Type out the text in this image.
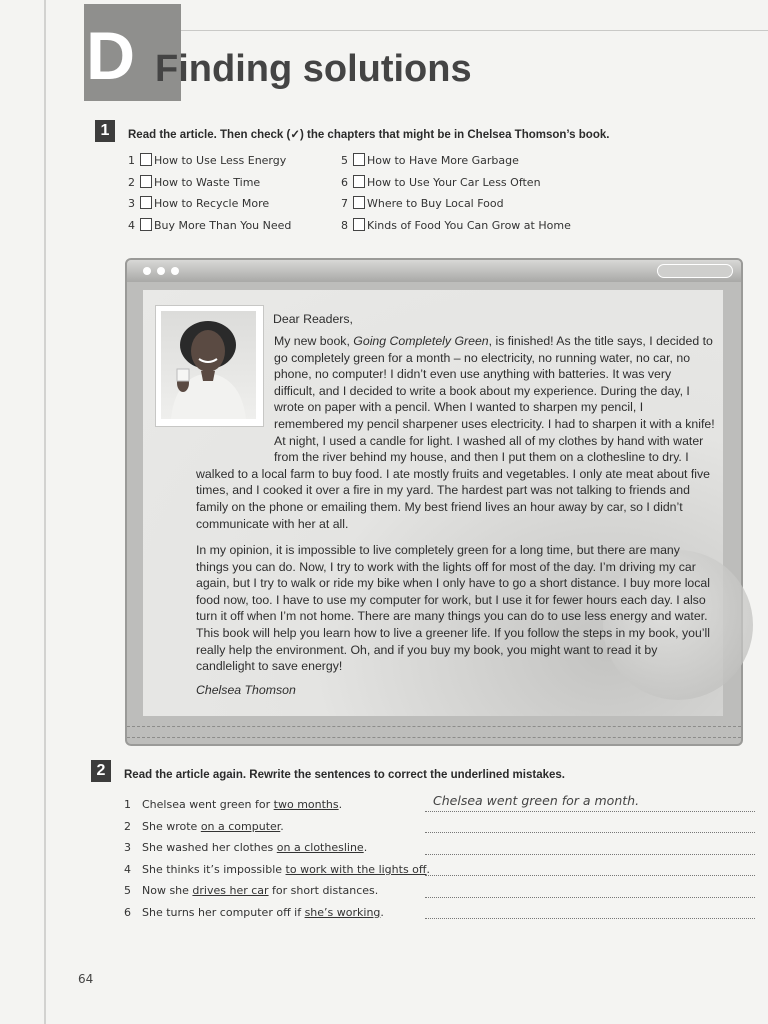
D Finding solutions
1	Read the article. Then check (✓) the chapters that might be in Chelsea Thomson’s book.
1 How to Use Less Energy
2 How to Waste Time
3 How to Recycle More
4 Buy More Than You Need
5 How to Have More Garbage
6 How to Use Your Car Less Often
7 Where to Buy Local Food
8 Kinds of Food You Can Grow at Home
Dear Readers,
My new book, Going Completely Green, is finished! As the title says, I decided to go completely green for a month – no electricity, no running water, no car, no phone, no computer! I didn’t even use anything with batteries. It was very difficult, and I decided to write a book about my experience. During the day, I wrote on paper with a pencil. When I wanted to sharpen my pencil, I remembered my pencil sharpener uses electricity. I had to sharpen it with a knife! At night, I used a candle for light. I washed all of my clothes by hand with water from the river behind my house, and then I put them on a clothesline to dry. I walked to a local farm to buy food. I ate mostly fruits and vegetables. I only ate meat about five times, and I cooked it over a fire in my yard. The hardest part was not talking to friends and family on the phone or emailing them. My best friend lives an hour away by car, so I didn’t communicate with her at all.
In my opinion, it is impossible to live completely green for a long time, but there are many things you can do. Now, I try to work with the lights off for most of the day. I’m driving my car again, but I try to walk or ride my bike when I only have to go a short distance. I buy more local food now, too. I have to use my computer for work, but I use it for fewer hours each day. I also turn it off when I’m not home. There are many things you can do to use less energy and water. This book will help you learn how to live a greener life. If you follow the steps in my book, you’ll really help the environment. Oh, and if you buy my book, you might want to read it by candlelight to save energy!
Chelsea Thomson
2	Read the article again. Rewrite the sentences to correct the underlined mistakes.
1 Chelsea went green for two months.
2 She wrote on a computer.
3 She washed her clothes on a clothesline.
4 She thinks it’s impossible to work with the lights off.
5 Now she drives her car for short distances.
6 She turns her computer off if she’s working.
Chelsea went green for a month.
64
